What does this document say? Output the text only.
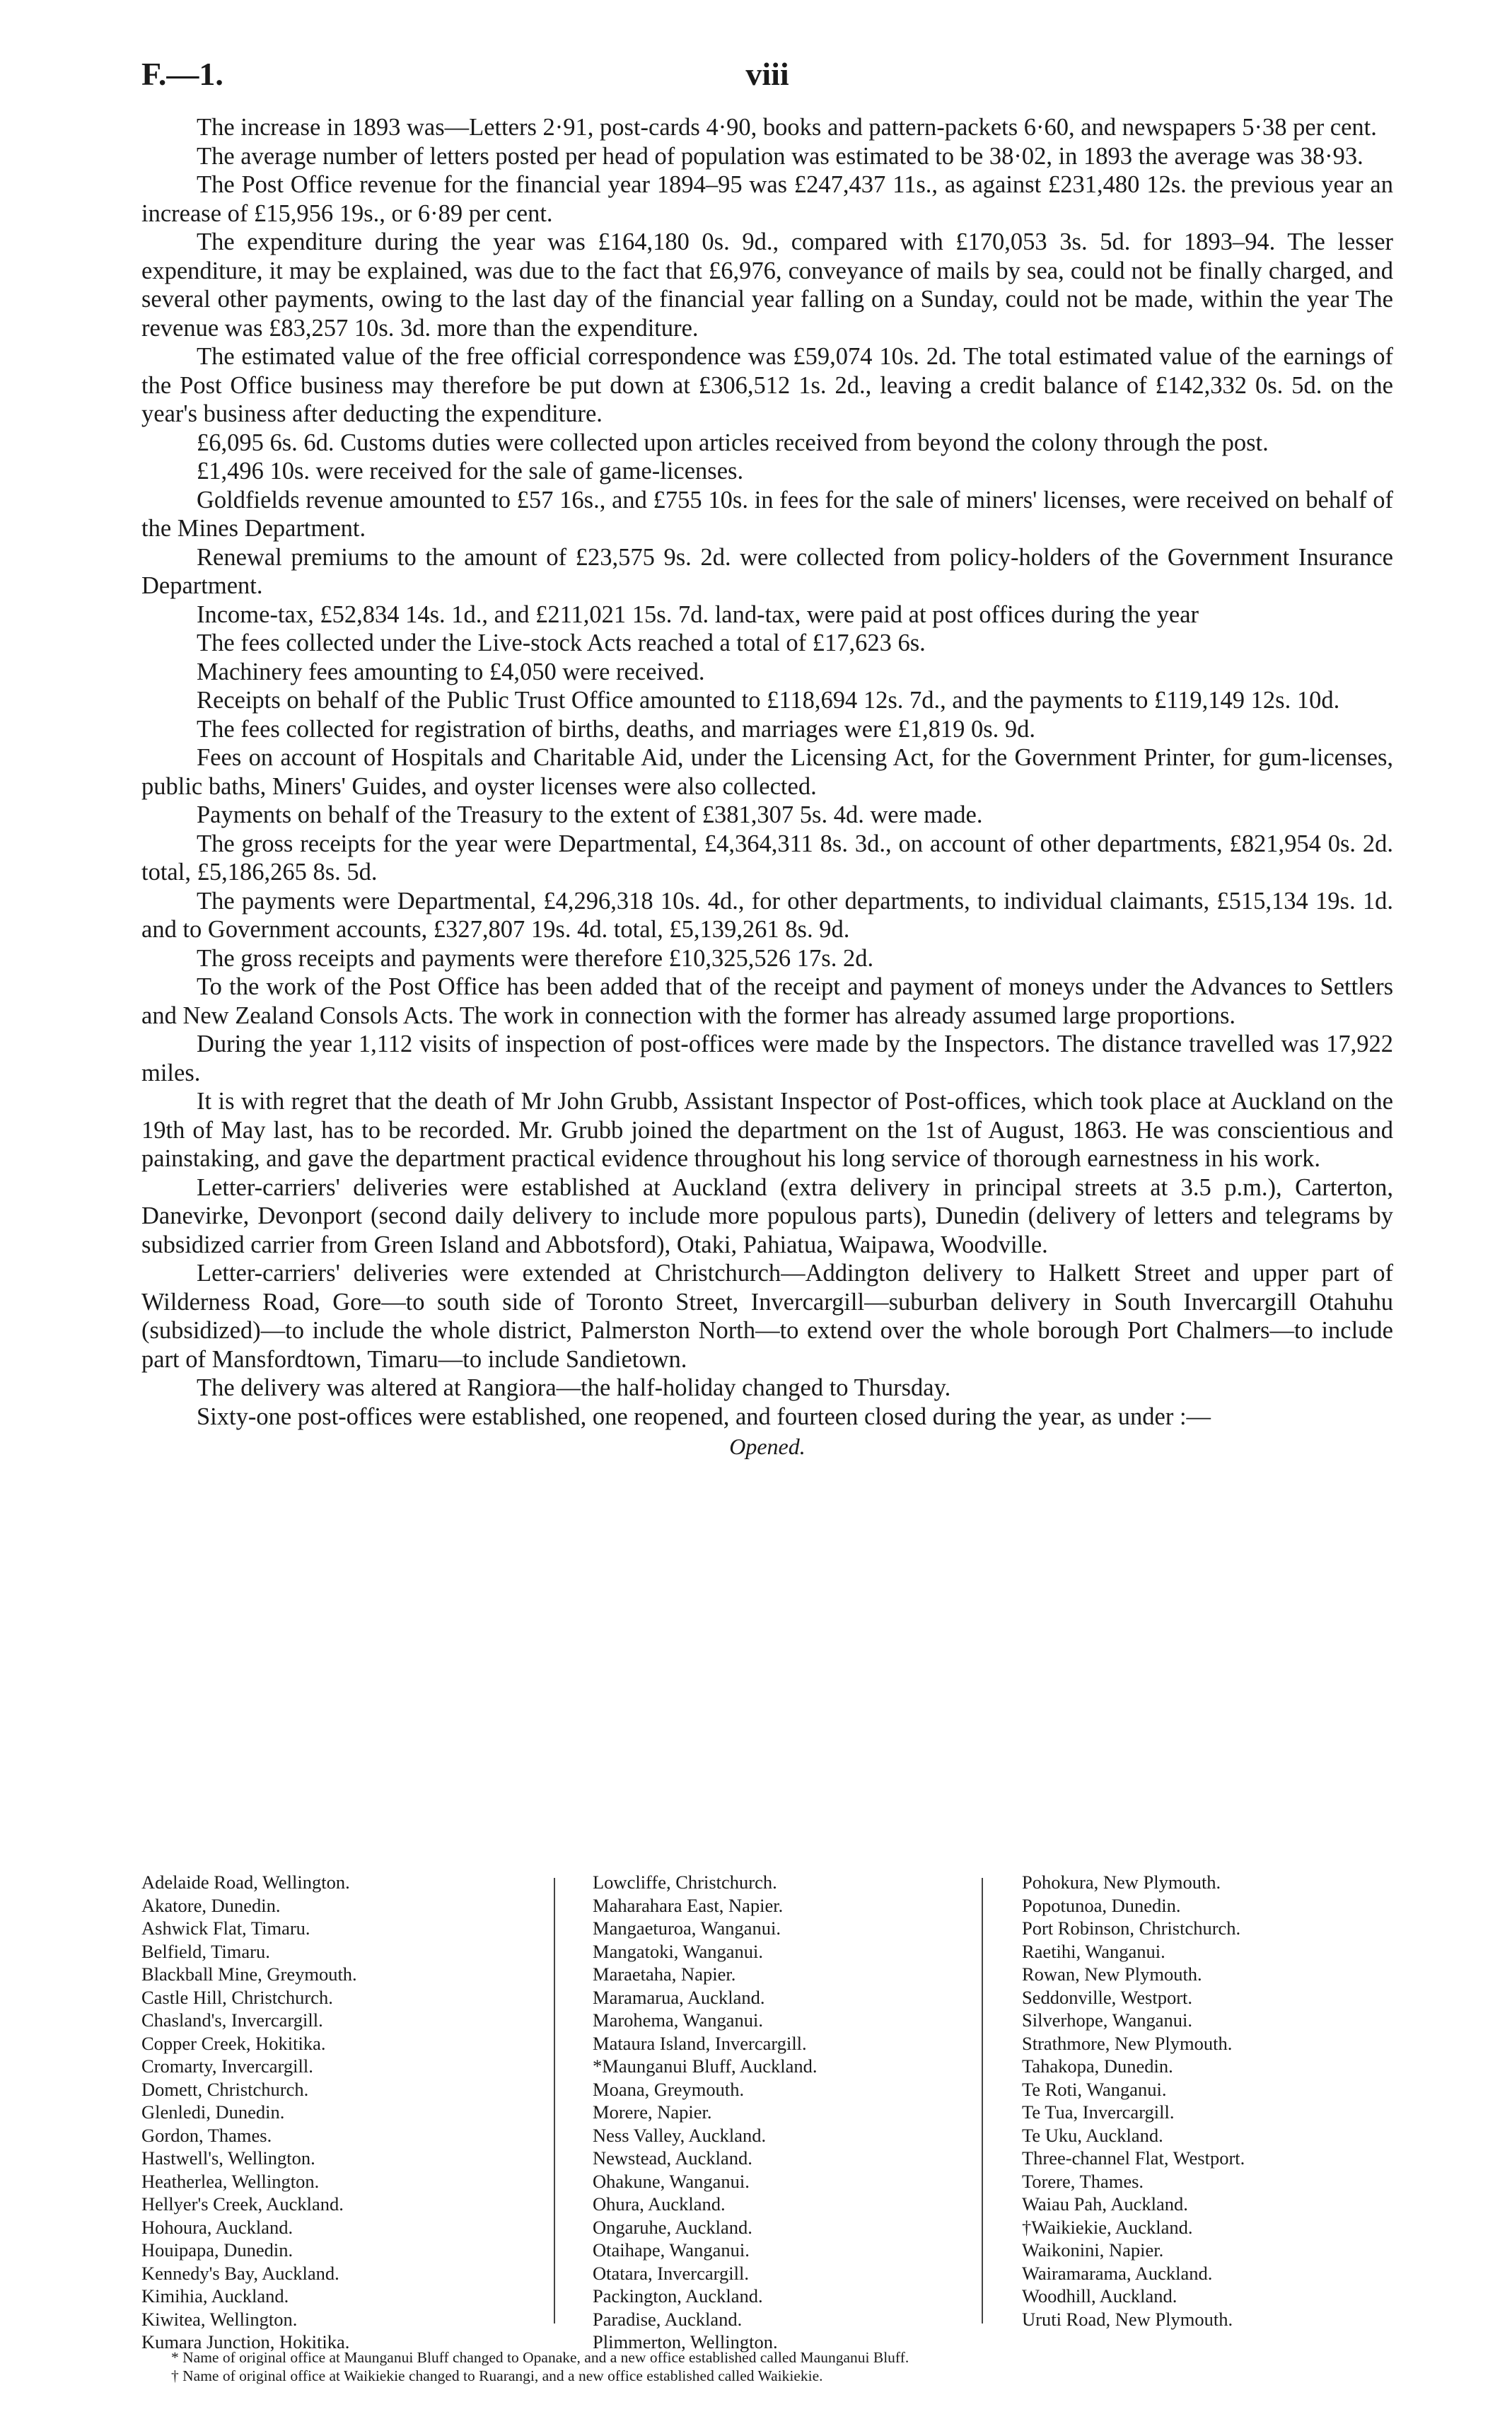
F.—1.	viii

The increase in 1893 was—Letters 2·91, post-cards 4·90, books and pattern-packets 6·60, and newspapers 5·38 per cent.

The average number of letters posted per head of population was estimated to be 38·02, in 1893 the average was 38·93.

The Post Office revenue for the financial year 1894–95 was £247,437 11s., as against £231,480 12s. the previous year an increase of £15,956 19s., or 6·89 per cent.

The expenditure during the year was £164,180 0s. 9d., compared with £170,053 3s. 5d. for 1893–94. The lesser expenditure, it may be explained, was due to the fact that £6,976, conveyance of mails by sea, could not be finally charged, and several other payments, owing to the last day of the financial year falling on a Sunday, could not be made, within the year The revenue was £83,257 10s. 3d. more than the expenditure.

The estimated value of the free official correspondence was £59,074 10s. 2d. The total estimated value of the earnings of the Post Office business may therefore be put down at £306,512 1s. 2d., leaving a credit balance of £142,332 0s. 5d. on the year's business after deducting the expenditure.

£6,095 6s. 6d. Customs duties were collected upon articles received from beyond the colony through the post.

£1,496 10s. were received for the sale of game-licenses.

Goldfields revenue amounted to £57 16s., and £755 10s. in fees for the sale of miners' licenses, were received on behalf of the Mines Department.

Renewal premiums to the amount of £23,575 9s. 2d. were collected from policy-holders of the Government Insurance Department.

Income-tax, £52,834 14s. 1d., and £211,021 15s. 7d. land-tax, were paid at post offices during the year

The fees collected under the Live-stock Acts reached a total of £17,623 6s.

Machinery fees amounting to £4,050 were received.

Receipts on behalf of the Public Trust Office amounted to £118,694 12s. 7d., and the payments to £119,149 12s. 10d.

The fees collected for registration of births, deaths, and marriages were £1,819 0s. 9d.

Fees on account of Hospitals and Charitable Aid, under the Licensing Act, for the Government Printer, for gum-licenses, public baths, Miners' Guides, and oyster licenses were also collected.

Payments on behalf of the Treasury to the extent of £381,307 5s. 4d. were made.

The gross receipts for the year were Departmental, £4,364,311 8s. 3d., on account of other departments, £821,954 0s. 2d. total, £5,186,265 8s. 5d.

The payments were Departmental, £4,296,318 10s. 4d., for other departments, to individual claimants, £515,134 19s. 1d. and to Government accounts, £327,807 19s. 4d. total, £5,139,261 8s. 9d.

The gross receipts and payments were therefore £10,325,526 17s. 2d.

To the work of the Post Office has been added that of the receipt and payment of moneys under the Advances to Settlers and New Zealand Consols Acts. The work in connection with the former has already assumed large proportions.

During the year 1,112 visits of inspection of post-offices were made by the Inspectors. The distance travelled was 17,922 miles.

It is with regret that the death of Mr John Grubb, Assistant Inspector of Post-offices, which took place at Auckland on the 19th of May last, has to be recorded. Mr. Grubb joined the department on the 1st of August, 1863. He was conscientious and painstaking, and gave the department practical evidence throughout his long service of thorough earnestness in his work.

Letter-carriers' deliveries were established at Auckland (extra delivery in principal streets at 3.5 p.m.), Carterton, Danevirke, Devonport (second daily delivery to include more populous parts), Dunedin (delivery of letters and telegrams by subsidized carrier from Green Island and Abbotsford), Otaki, Pahiatua, Waipawa, Woodville.

Letter-carriers' deliveries were extended at Christchurch—Addington delivery to Halkett Street and upper part of Wilderness Road, Gore—to south side of Toronto Street, Invercargill—suburban delivery in South Invercargill Otahuhu (subsidized)—to include the whole district, Palmerston North—to extend over the whole borough Port Chalmers—to include part of Mansfordtown, Timaru—to include Sandietown.

The delivery was altered at Rangiora—the half-holiday changed to Thursday.

Sixty-one post-offices were established, one reopened, and fourteen closed during the year, as under :—

Opened.
Adelaide Road, Wellington.
Akatore, Dunedin.
Ashwick Flat, Timaru.
Belfield, Timaru.
Blackball Mine, Greymouth.
Castle Hill, Christchurch.
Chasland's, Invercargill.
Copper Creek, Hokitika.
Cromarty, Invercargill.
Domett, Christchurch.
Glenledi, Dunedin.
Gordon, Thames.
Hastwell's, Wellington.
Heatherlea, Wellington.
Hellyer's Creek, Auckland.
Hohoura, Auckland.
Houipapa, Dunedin.
Kennedy's Bay, Auckland.
Kimihia, Auckland.
Kiwitea, Wellington.
Kumara Junction, Hokitika.
Lowcliffe, Christchurch.
Maharahara East, Napier.
Mangaeturoa, Wanganui.
Mangatoki, Wanganui.
Maraetaha, Napier.
Maramarua, Auckland.
Marohema, Wanganui.
Mataura Island, Invercargill.
*Maunganui Bluff, Auckland.
Moana, Greymouth.
Morere, Napier.
Ness Valley, Auckland.
Newstead, Auckland.
Ohakune, Wanganui.
Ohura, Auckland.
Ongaruhe, Auckland.
Otaihape, Wanganui.
Otatara, Invercargill.
Packington, Auckland.
Paradise, Auckland.
Plimmerton, Wellington.
Pohokura, New Plymouth.
Popotunoa, Dunedin.
Port Robinson, Christchurch.
Raetihi, Wanganui.
Rowan, New Plymouth.
Seddonville, Westport.
Silverhope, Wanganui.
Strathmore, New Plymouth.
Tahakopa, Dunedin.
Te Roti, Wanganui.
Te Tua, Invercargill.
Te Uku, Auckland.
Three-channel Flat, Westport.
Torere, Thames.
Waiau Pah, Auckland.
†Waikiekie, Auckland.
Waikonini, Napier.
Wairamarama, Auckland.
Woodhill, Auckland.
Uruti Road, New Plymouth.
* Name of original office at Maunganui Bluff changed to Opanake, and a new office established called Maunganui Bluff.
† Name of original office at Waikiekie changed to Ruarangi, and a new office established called Waikiekie.
